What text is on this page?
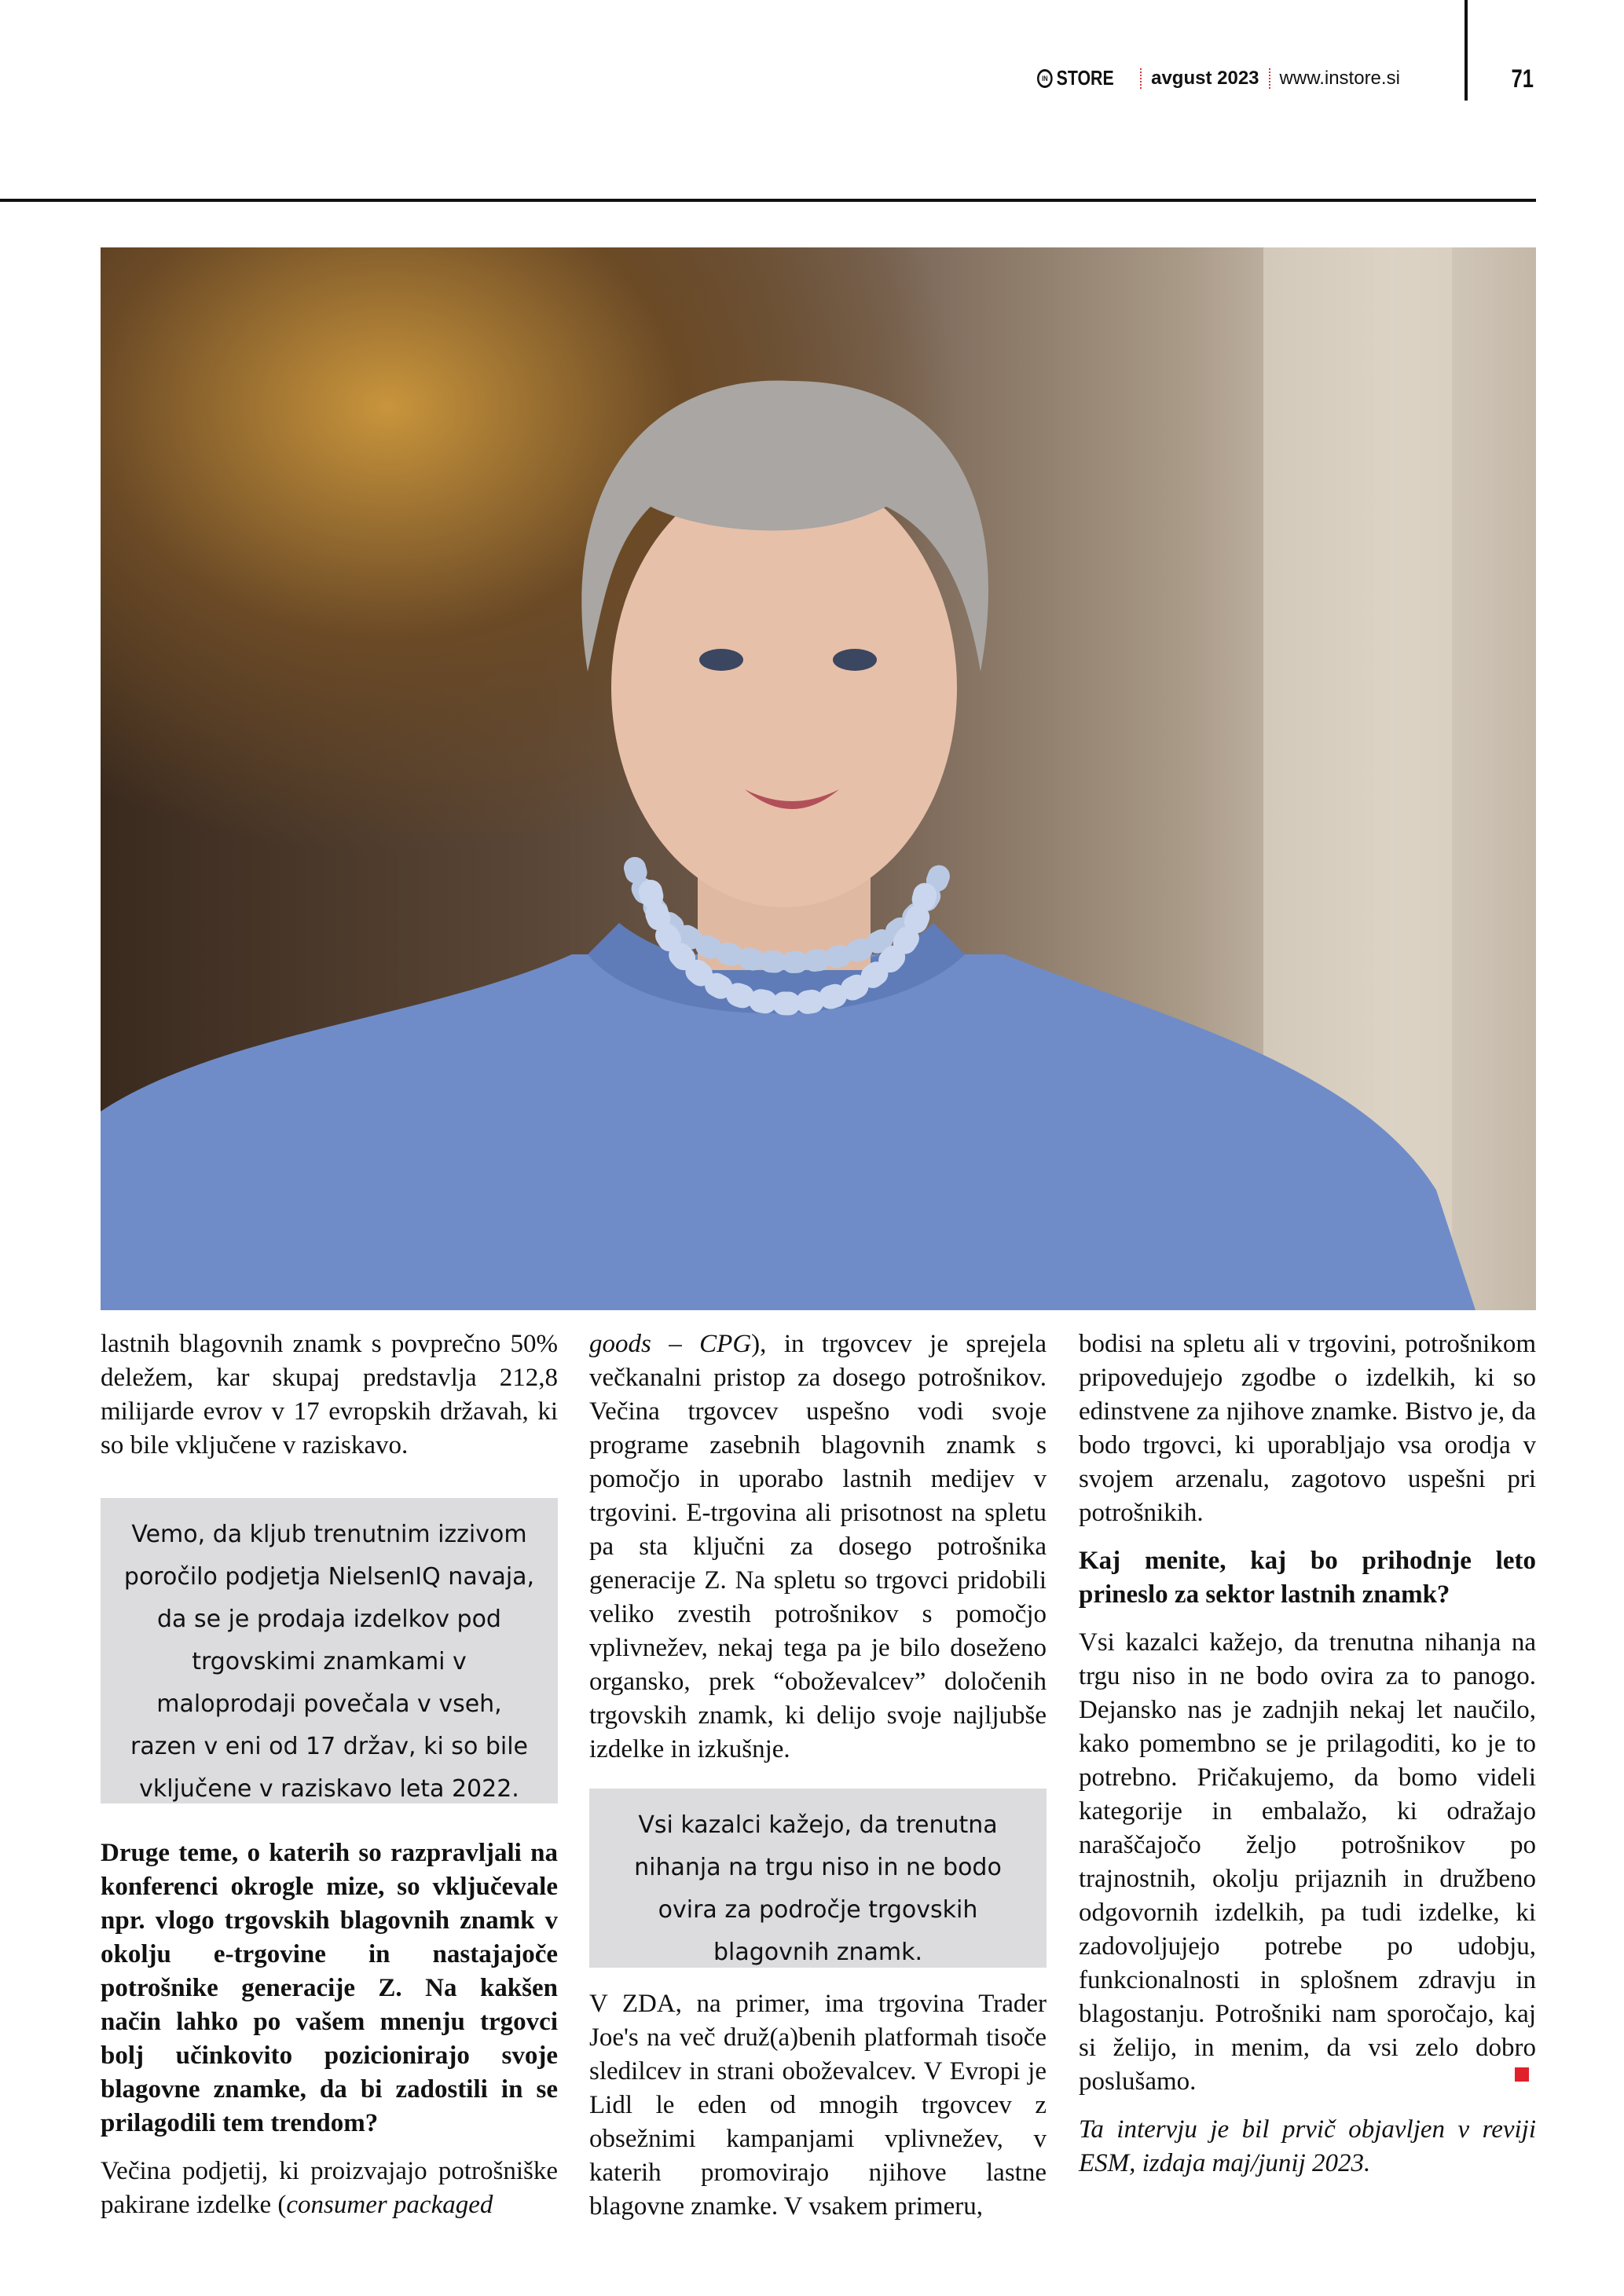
IN STORE avgust 2023 www.instore.si	71

lastnih blagovnih znamk s povprečno 50% deležem, kar skupaj predstavlja 212,8 milijarde evrov v 17 evropskih državah, ki so bile vključene v raziskavo.

Vemo, da kljub trenutnim izzivom poročilo podjetja NielsenIQ navaja, da se je prodaja izdelkov pod trgovskimi znamkami v maloprodaji povečala v vseh, razen v eni od 17 držav, ki so bile vključene v raziskavo leta 2022.

Druge teme, o katerih so razpravljali na konferenci okrogle mize, so vključevale npr. vlogo trgovskih blagovnih znamk v okolju e-trgovine in nastajajoče potrošnike generacije Z. Na kakšen način lahko po vašem mnenju trgovci bolj učinkovito pozicionirajo svoje blagovne znamke, da bi zadostili in se prilagodili tem trendom?

Večina podjetij, ki proizvajajo potrošniške pakirane izdelke (consumer packaged

goods – CPG), in trgovcev je sprejela večkanalni pristop za dosego potrošnikov. Večina trgovcev uspešno vodi svoje programe zasebnih blagovnih znamk s pomočjo in uporabo lastnih medijev v trgovini. E-trgovina ali prisotnost na spletu pa sta ključni za dosego potrošnika generacije Z. Na spletu so trgovci pridobili veliko zvestih potrošnikov s pomočjo vplivnežev, nekaj tega pa je bilo doseženo organsko, prek “oboževalcev” določenih trgovskih znamk, ki delijo svoje najljubše izdelke in izkušnje.

Vsi kazalci kažejo, da trenutna nihanja na trgu niso in ne bodo ovira za področje trgovskih blagovnih znamk.

V ZDA, na primer, ima trgovina Trader Joe's na več druž(a)benih platformah tisoče sledilcev in strani oboževalcev. V Evropi je Lidl le eden od mnogih trgovcev z obsežnimi kampanjami vplivnežev, v katerih promovirajo njihove lastne blagovne znamke. V vsakem primeru,

bodisi na spletu ali v trgovini, potrošnikom pripovedujejo zgodbe o izdelkih, ki so edinstvene za njihove znamke. Bistvo je, da bodo trgovci, ki uporabljajo vsa orodja v svojem arzenalu, zagotovo uspešni pri potrošnikih.

Kaj menite, kaj bo prihodnje leto prineslo za sektor lastnih znamk?

Vsi kazalci kažejo, da trenutna nihanja na trgu niso in ne bodo ovira za to panogo. Dejansko nas je zadnjih nekaj let naučilo, kako pomembno se je prilagoditi, ko je to potrebno. Pričakujemo, da bomo videli kategorije in embalažo, ki odražajo naraščajočo željo potrošnikov po trajnostnih, okolju prijaznih in družbeno odgovornih izdelkih, pa tudi izdelke, ki zadovoljujejo potrebe po udobju, funkcionalnosti in splošnem zdravju in blagostanju. Potrošniki nam sporočajo, kaj si želijo, in menim, da vsi zelo dobro poslušamo.

Ta intervju je bil prvič objavljen v reviji ESM, izdaja maj/junij 2023.
